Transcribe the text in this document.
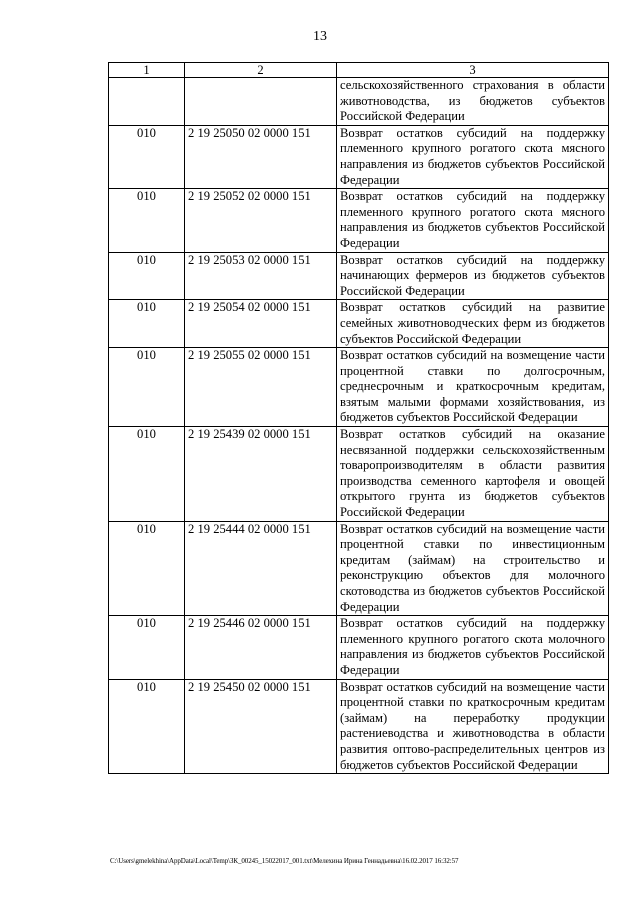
13
1	2	3
		сельскохозяйственного страхования в области животноводства, из бюджетов субъектов Российской Федерации
010	2 19 25050 02 0000 151	Возврат остатков субсидий на поддержку племенного крупного рогатого скота мясного направления из бюджетов субъектов Российской Федерации
010	2 19 25052 02 0000 151	Возврат остатков субсидий на поддержку племенного крупного рогатого скота мясного направления из бюджетов субъектов Российской Федерации
010	2 19 25053 02 0000 151	Возврат остатков субсидий на поддержку начинающих фермеров из бюджетов субъектов Российской Федерации
010	2 19 25054 02 0000 151	Возврат остатков субсидий на развитие семейных животноводческих ферм из бюджетов субъектов Российской Федерации
010	2 19 25055 02 0000 151	Возврат остатков субсидий на возмещение части процентной ставки по долгосрочным, среднесрочным и краткосрочным кредитам, взятым малыми формами хозяйствования, из бюджетов субъектов Российской Федерации
010	2 19 25439 02 0000 151	Возврат остатков субсидий на оказание несвязанной поддержки сельскохозяйственным товаропроизводителям в области развития производства семенного картофеля и овощей открытого грунта из бюджетов субъектов Российской Федерации
010	2 19 25444 02 0000 151	Возврат остатков субсидий на возмещение части процентной ставки по инвестиционным кредитам (займам) на строительство и реконструкцию объектов для молочного скотоводства из бюджетов субъектов Российской Федерации
010	2 19 25446 02 0000 151	Возврат остатков субсидий на поддержку племенного крупного рогатого скота молочного направления из бюджетов субъектов Российской Федерации
010	2 19 25450 02 0000 151	Возврат остатков субсидий на возмещение части процентной ставки по краткосрочным кредитам (займам) на переработку продукции растениеводства и животноводства в области развития оптово-распределительных центров из бюджетов субъектов Российской Федерации
C:\Users\gmelekhina\AppData\Local\Temp\ЗК_00245_15022017_001.txt\Мелехина Ирина Геннадьевна\16.02.2017 16:32:57
